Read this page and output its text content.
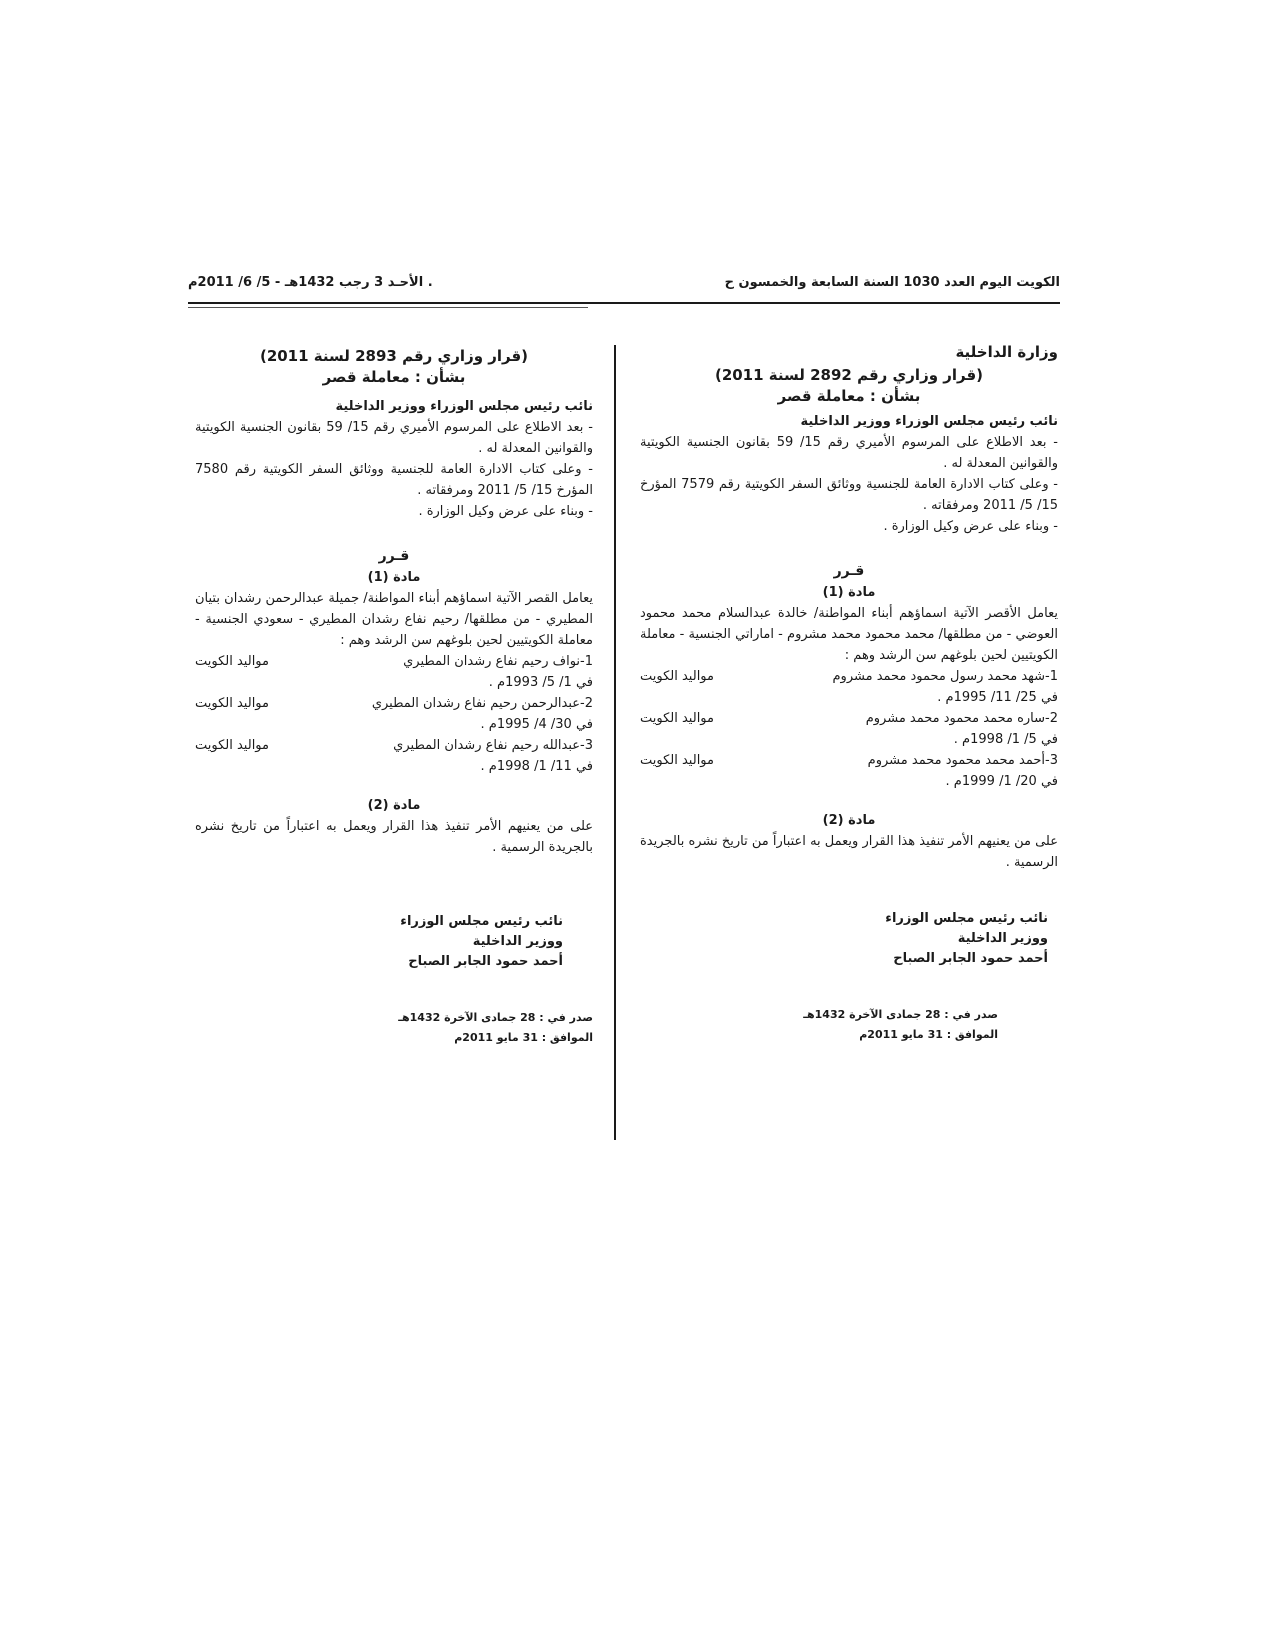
الكويت اليوم العدد 1030 السنة السابعة والخمسون ح
. الأحـد 3 رجب 1432هـ - 5/ 6/ 2011م
وزارة الداخلية
(قرار وزاري رقم 2892 لسنة 2011)
بشأن : معاملة قصر
نائب رئيس مجلس الوزراء ووزير الداخلية
- بعد الاطلاع على المرسوم الأميري رقم 15/ 59 بقانون الجنسية الكويتية والقوانين المعدلة له .
- وعلى كتاب الادارة العامة للجنسية ووثائق السفر الكويتية رقم 7579 المؤرخ 15/ 5/ 2011 ومرفقاته .
- وبناء على عرض وكيل الوزارة .
قـرر
مادة (1)
يعامل الأقصر الآتية اسماؤهم أبناء المواطنة/ خالدة عبدالسلام محمد محمود العوضي - من مطلقها/ محمد محمود محمد مشروم - اماراتي الجنسية - معاملة الكويتيين لحين بلوغهم سن الرشد وهم :
1-شهد محمد رسول محمود محمد مشروم
مواليد الكويت
في 25/ 11/ 1995م .
2-ساره محمد محمود محمد مشروم
مواليد الكويت
في 5/ 1/ 1998م .
3-أحمد محمد محمود محمد مشروم
مواليد الكويت
في 20/ 1/ 1999م .
مادة (2)
على من يعنيهم الأمر تنفيذ هذا القرار ويعمل به اعتباراً من تاريخ نشره بالجريدة الرسمية .
نائب رئيس مجلس الوزراء
ووزير الداخلية
أحمد حمود الجابر الصباح
صدر في : 28 جمادى الآخرة 1432هـ
الموافق : 31 مايو 2011م
(قرار وزاري رقم 2893 لسنة 2011)
بشأن : معاملة قصر
نائب رئيس مجلس الوزراء ووزير الداخلية
- بعد الاطلاع على المرسوم الأميري رقم 15/ 59 بقانون الجنسية الكويتية والقوانين المعدلة له .
- وعلى كتاب الادارة العامة للجنسية ووثائق السفر الكويتية رقم 7580 المؤرخ 15/ 5/ 2011 ومرفقاته .
- وبناء على عرض وكيل الوزارة .
قـرر
مادة (1)
يعامل القصر الآتية اسماؤهم أبناء المواطنة/ جميلة عبدالرحمن رشدان بتيان المطيري - من مطلقها/ رحيم نفاع رشدان المطيري - سعودي الجنسية - معاملة الكويتيين لحين بلوغهم سن الرشد وهم :
1-نواف رحيم نفاع رشدان المطيري
مواليد الكويت
في 1/ 5/ 1993م .
2-عبدالرحمن رحيم نفاع رشدان المطيري
مواليد الكويت
في 30/ 4/ 1995م .
3-عبدالله رحيم نفاع رشدان المطيري
مواليد الكويت
في 11/ 1/ 1998م .
مادة (2)
على من يعنيهم الأمر تنفيذ هذا القرار ويعمل به اعتباراً من تاريخ نشره بالجريدة الرسمية .
نائب رئيس مجلس الوزراء
ووزير الداخلية
أحمد حمود الجابر الصباح
صدر في : 28 جمادى الآخرة 1432هـ
الموافق : 31 مايو 2011م
